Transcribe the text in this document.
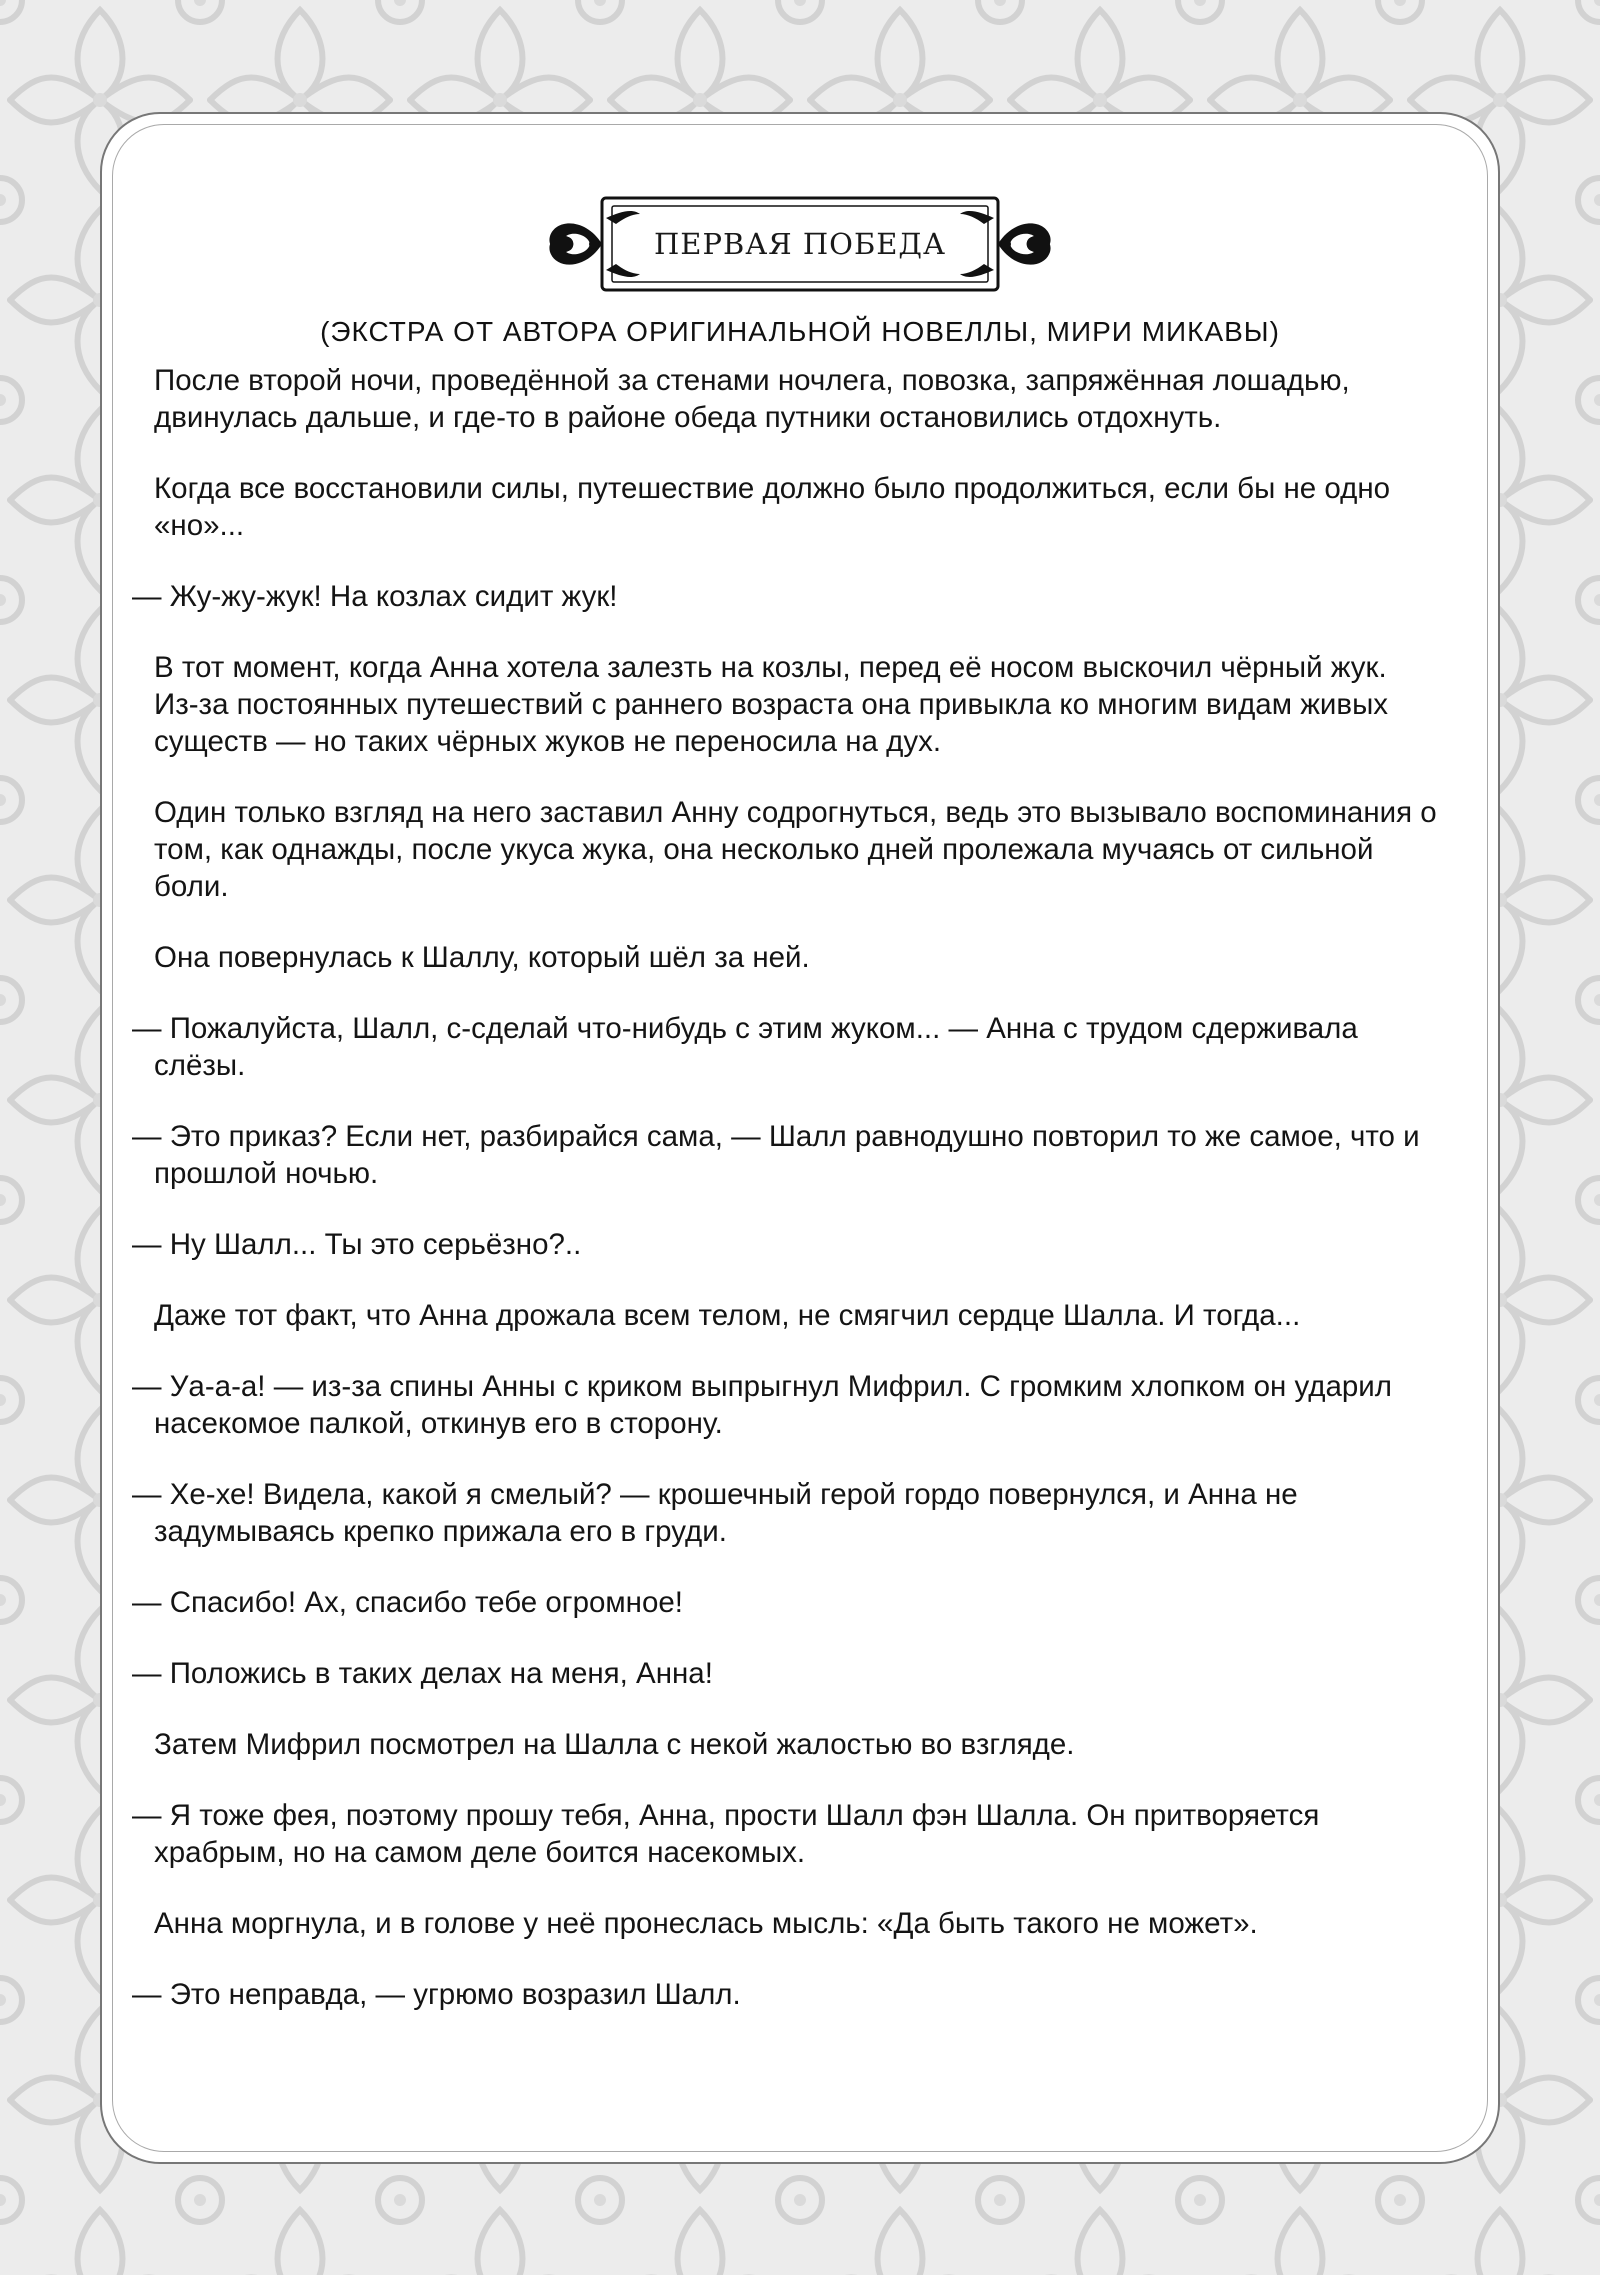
ПЕРВАЯ ПОБЕДА
(ЭКСТРА ОТ АВТОРА ОРИГИНАЛЬНОЙ НОВЕЛЛЫ, МИРИ МИКАВЫ)

После второй ночи, проведённой за стенами ночлега, повозка, запряжённая лошадью, двинулась дальше, и где-то в районе обеда путники остановились отдохнуть.

Когда все восстановили силы, путешествие должно было продолжиться, если бы не одно «но»...

— Жу-жу-жук! На козлах сидит жук!

В тот момент, когда Анна хотела залезть на козлы, перед её носом выскочил чёрный жук.

Из-за постоянных путешествий с раннего возраста она привыкла ко многим видам живых существ — но таких чёрных жуков не переносила на дух.

Один только взгляд на него заставил Анну содрогнуться, ведь это вызывало воспоминания о том, как однажды, после укуса жука, она несколько дней пролежала мучаясь от сильной боли.

Она повернулась к Шаллу, который шёл за ней.

— Пожалуйста, Шалл, с-сделай что-нибудь с этим жуком... — Анна с трудом сдерживала слёзы.

— Это приказ? Если нет, разбирайся сама, — Шалл равнодушно повторил то же самое, что и прошлой ночью.

— Ну Шалл... Ты это серьёзно?..

Даже тот факт, что Анна дрожала всем телом, не смягчил сердце Шалла. И тогда...

— Уа-а-а! — из-за спины Анны с криком выпрыгнул Мифрил. С громким хлопком он ударил насекомое палкой, откинув его в сторону.

— Хе-хе! Видела, какой я смелый? — крошечный герой гордо повернулся, и Анна не задумываясь крепко прижала его в груди.

— Спасибо! Ах, спасибо тебе огромное!

— Положись в таких делах на меня, Анна!

Затем Мифрил посмотрел на Шалла с некой жалостью во взгляде.

— Я тоже фея, поэтому прошу тебя, Анна, прости Шалл фэн Шалла. Он притворяется храбрым, но на самом деле боится насекомых.

Анна моргнула, и в голове у неё пронеслась мысль: «Да быть такого не может».

— Это неправда, — угрюмо возразил Шалл.
